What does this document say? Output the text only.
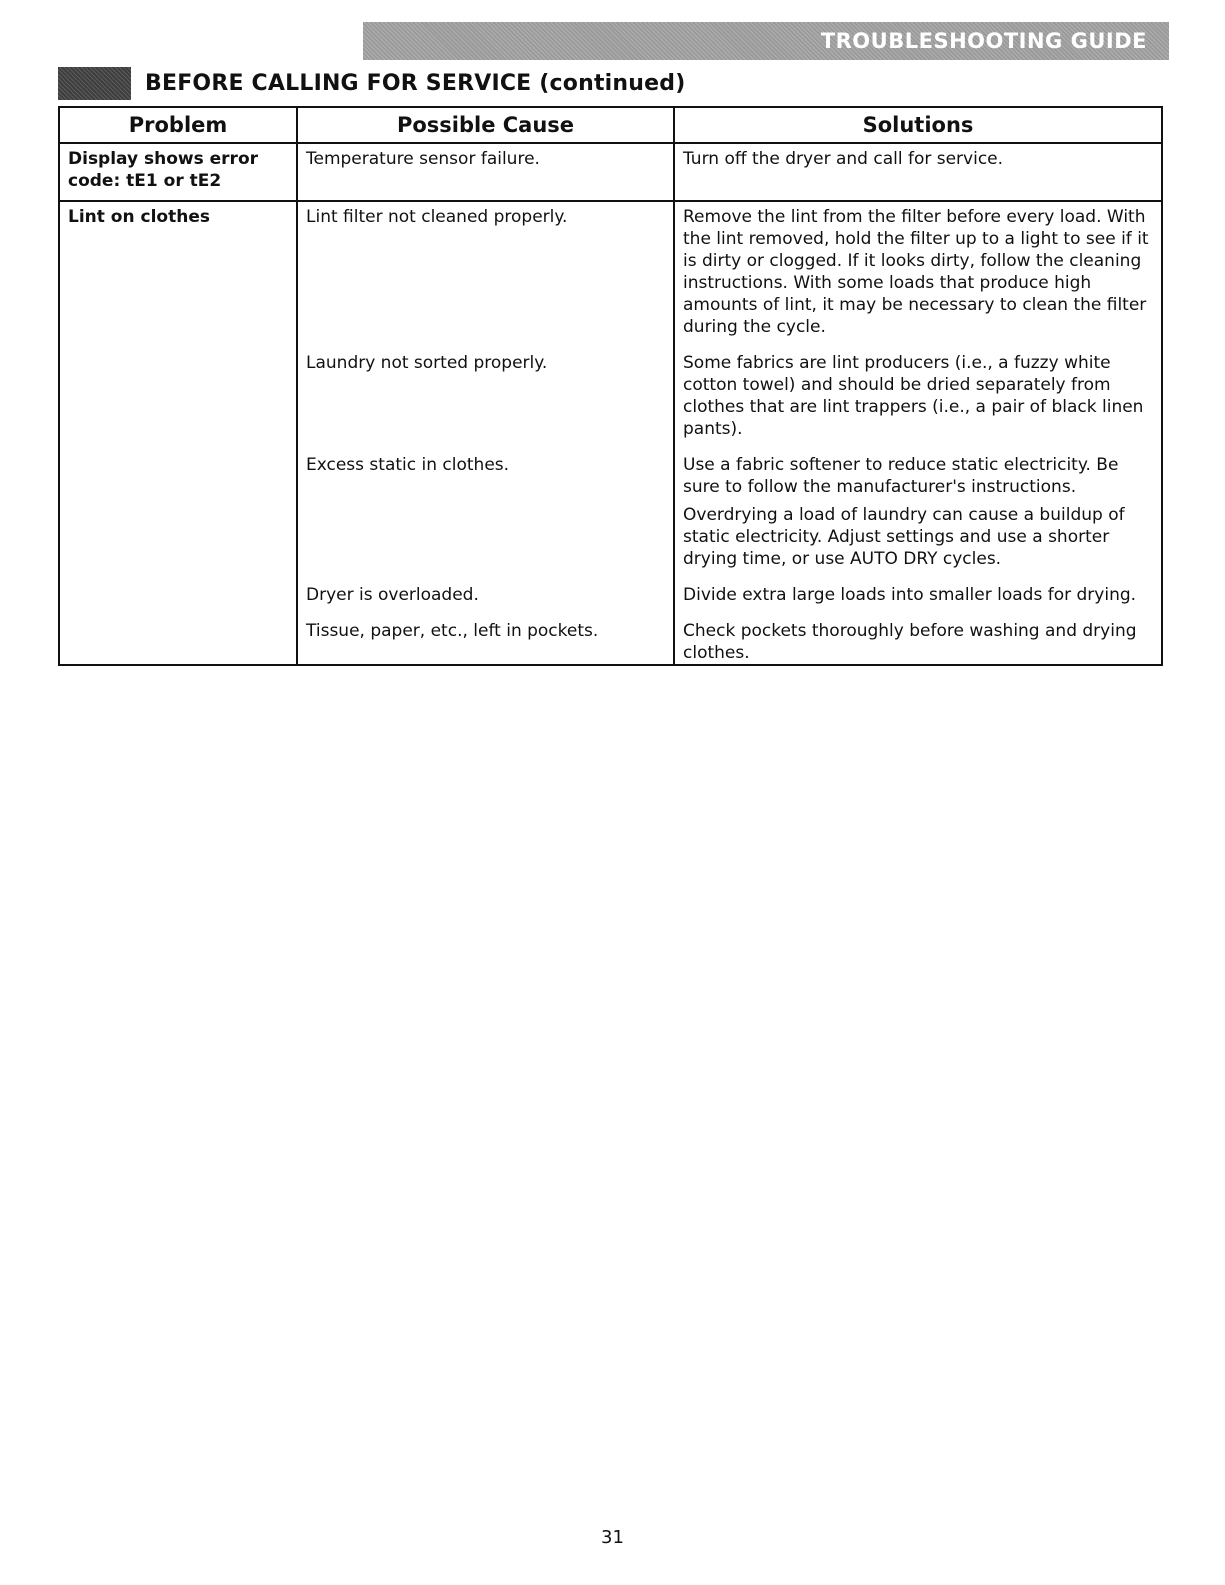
TROUBLESHOOTING GUIDE
BEFORE CALLING FOR SERVICE (continued)
Problem	Possible Cause	Solutions
Display shows error code: tE1 or tE2	Temperature sensor failure.	Turn off the dryer and call for service.
Lint on clothes	Lint filter not cleaned properly.	Remove the lint from the filter before every load. With the lint removed, hold the filter up to a light to see if it is dirty or clogged. If it looks dirty, follow the cleaning instructions. With some loads that produce high amounts of lint, it may be necessary to clean the filter during the cycle.
	Laundry not sorted properly.	Some fabrics are lint producers (i.e., a fuzzy white cotton towel) and should be dried separately from clothes that are lint trappers (i.e., a pair of black linen pants).
	Excess static in clothes.	Use a fabric softener to reduce static electricity. Be sure to follow the manufacturer's instructions.
Overdrying a load of laundry can cause a buildup of static electricity. Adjust settings and use a shorter drying time, or use AUTO DRY cycles.

	Dryer is overloaded.	Divide extra large loads into smaller loads for drying.
	Tissue, paper, etc., left in pockets.	Check pockets thoroughly before washing and drying clothes.
31
